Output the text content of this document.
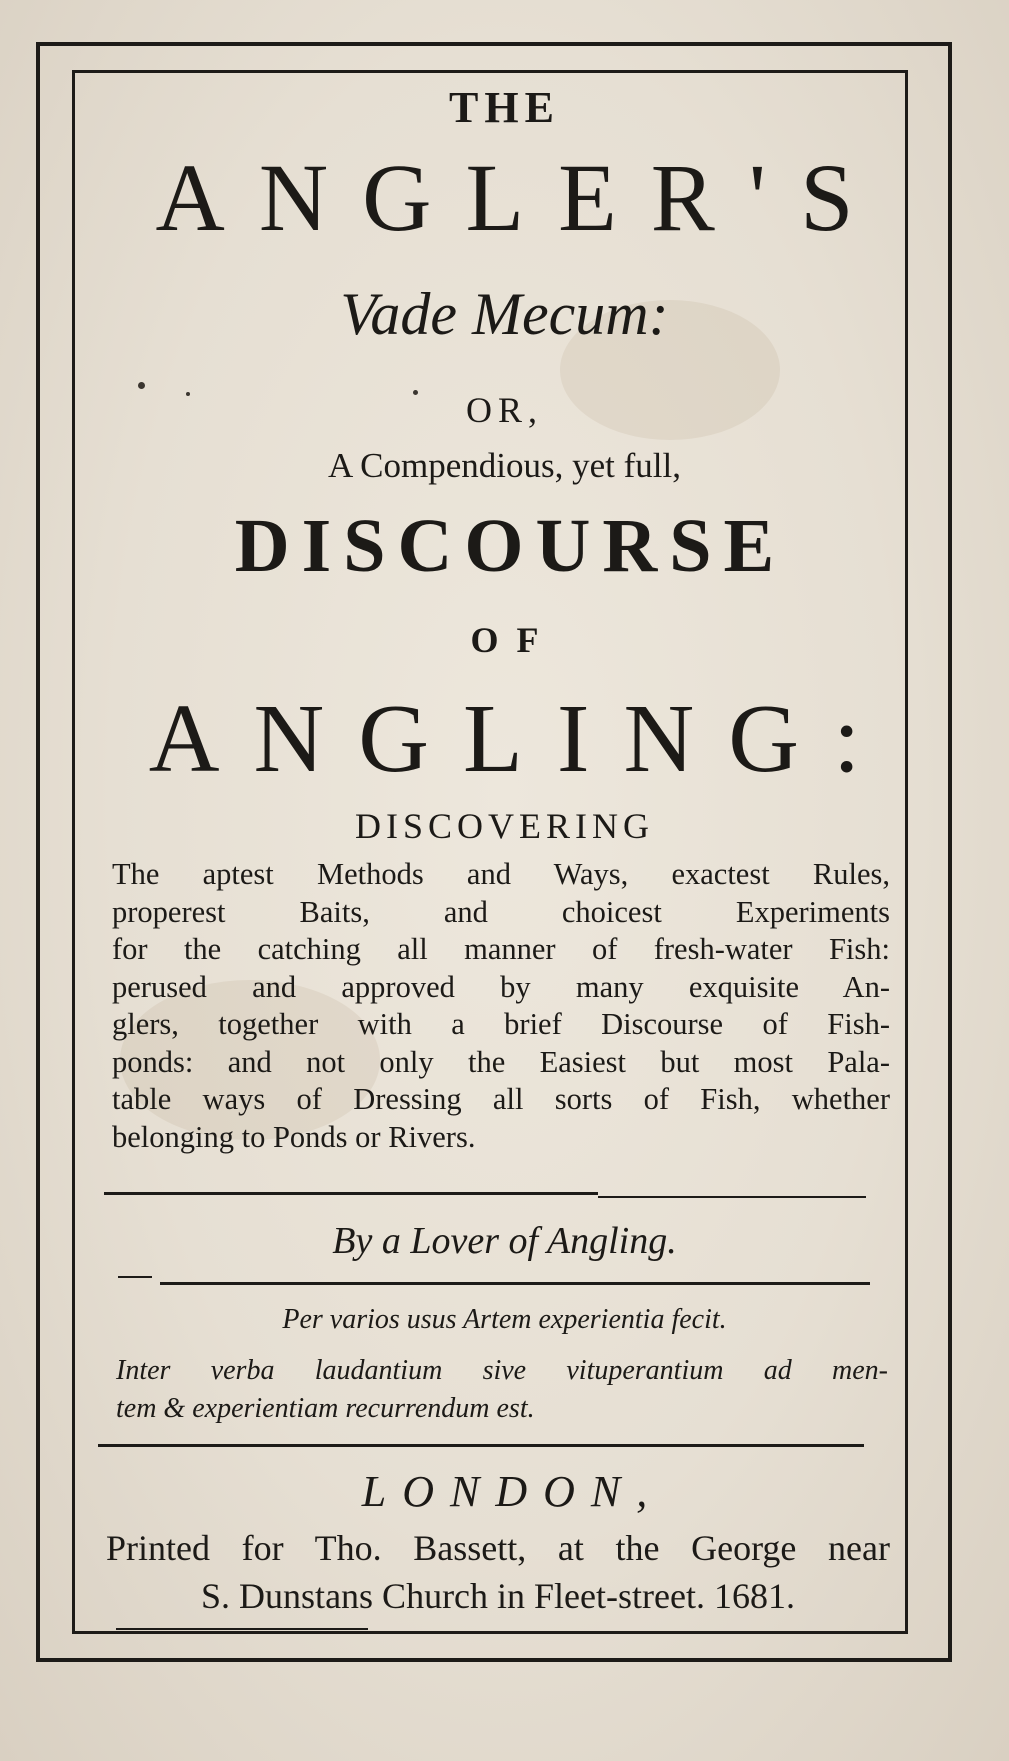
THE
ANGLER'S
Vade Mecum:
OR,
A Compendious, yet full,
DISCOURSE
OF
ANGLING:
DISCOVERING
The aptest Methods and Ways, exactest Rules,
properest Baits, and choicest Experiments
for the catching all manner of fresh-water Fish:
perused and approved by many exquisite An-
glers, together with a brief Discourse of Fish-
ponds: and not only the Easiest but most Pala-
table ways of Dressing all sorts of Fish, whether
belonging to Ponds or Rivers.
By a Lover of Angling.
Per varios usus Artem experientia fecit.
Inter verba laudantium sive vituperantium ad men-
tem & experientiam recurrendum est.
LONDON,
Printed for Tho. Bassett, at the George near
S. Dunstans Church in Fleet-street. 1681.
